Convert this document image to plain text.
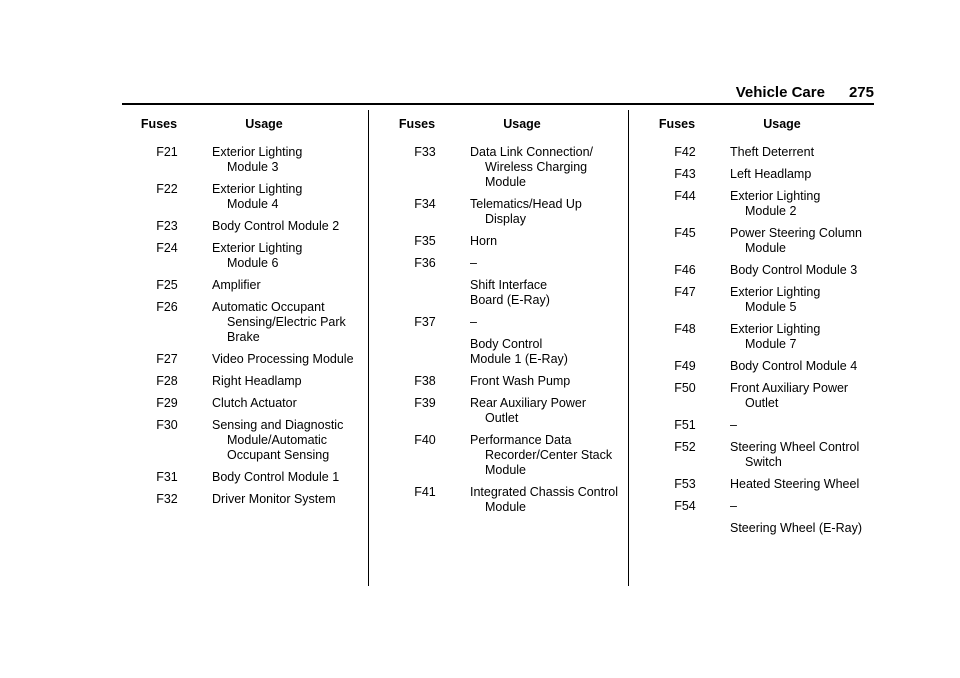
Vehicle Care 275
Fuses	Usage
F21	Exterior Lighting
Module 3
F22	Exterior Lighting
Module 4
F23	Body Control Module 2
F24	Exterior Lighting
Module 6
F25	Amplifier
F26	Automatic Occupant
Sensing/Electric Park
Brake
F27	Video Processing Module
F28	Right Headlamp
F29	Clutch Actuator
F30	Sensing and Diagnostic
Module/Automatic
Occupant Sensing
F31	Body Control Module 1
F32	Driver Monitor System
Fuses	Usage
F33	Data Link Connection/
Wireless Charging Module
F34	Telematics/Head Up
Display
F35	Horn
F36	–
Shift Interface
Board (E-Ray)
F37	–
Body Control
Module 1 (E-Ray)
F38	Front Wash Pump
F39	Rear Auxiliary Power
Outlet
F40	Performance Data
Recorder/Center Stack
Module
F41	Integrated Chassis Control
Module
Fuses	Usage
F42	Theft Deterrent
F43	Left Headlamp
F44	Exterior Lighting
Module 2
F45	Power Steering Column
Module
F46	Body Control Module 3
F47	Exterior Lighting
Module 5
F48	Exterior Lighting
Module 7
F49	Body Control Module 4
F50	Front Auxiliary Power
Outlet
F51	–
F52	Steering Wheel Control
Switch
F53	Heated Steering Wheel
F54	–
Steering Wheel (E-Ray)
